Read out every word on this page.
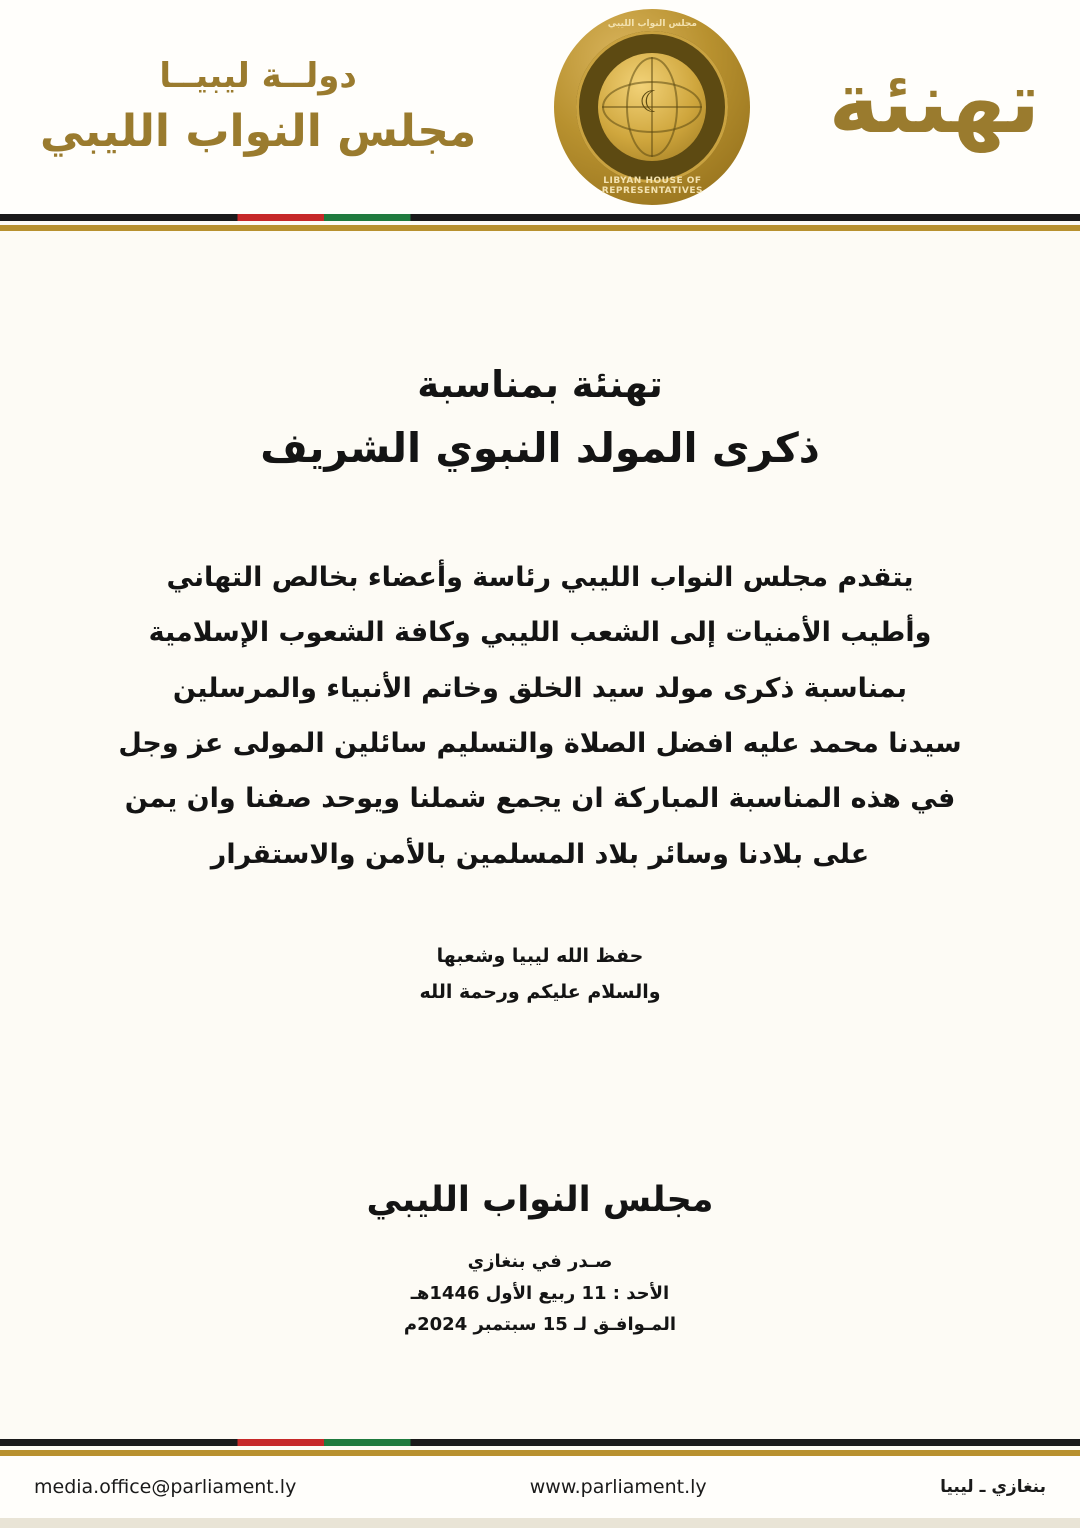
تهنئة
مجلس النواب الليبي
☾
LIBYAN HOUSE OF REPRESENTATIVES
دولــة ليبيــا
مجلس النواب الليبي
تهنئة بمناسبة
ذكرى المولد النبوي الشريف

يتقدم مجلس النواب الليبي رئاسة وأعضاء بخالص التهاني

وأطيب الأمنيات إلى الشعب الليبي وكافة الشعوب الإسلامية

بمناسبة ذكرى مولد سيد الخلق وخاتم الأنبياء والمرسلين

سيدنا محمد عليه افضل الصلاة والتسليم سائلين المولى عز وجل

في هذه المناسبة المباركة ان يجمع شملنا ويوحد صفنا وان يمن

على بلادنا وسائر بلاد المسلمين بالأمن والاستقرار

حفظ الله ليبيا وشعبها
والسلام عليكم ورحمة الله
مجلس النواب الليبي
صـدر في بنغازي
الأحد : 11 ربيع الأول 1446هـ
المـوافـق لـ 15 سبتمبر 2024م
media.office@parliament.ly	www.parliament.ly	بنغازي ـ ليبيا
